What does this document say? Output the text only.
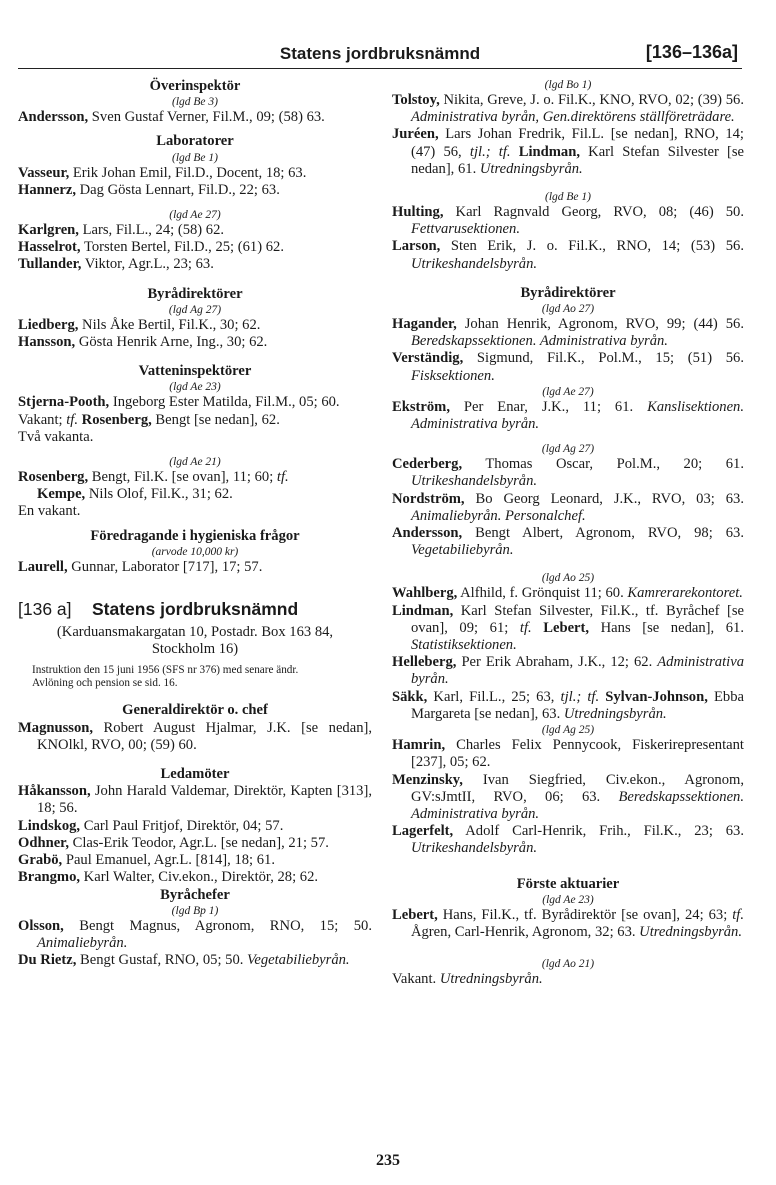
Statens jordbruksnämnd	[136–136a]

Överinspektör

(lgd Be 3)

Andersson, Sven Gustaf Verner, Fil.M., 09; (58) 63.

Laboratorer

(lgd Be 1)

Vasseur, Erik Johan Emil, Fil.D., Docent, 18; 63.

Hannerz, Dag Gösta Lennart, Fil.D., 22; 63.

(lgd Ae 27)

Karlgren, Lars, Fil.L., 24; (58) 62.

Hasselrot, Torsten Bertel, Fil.D., 25; (61) 62.

Tullander, Viktor, Agr.L., 23; 63.

Byrådirektörer

(lgd Ag 27)

Liedberg, Nils Åke Bertil, Fil.K., 30; 62.

Hansson, Gösta Henrik Arne, Ing., 30; 62.

Vatteninspektörer

(lgd Ae 23)

Stjerna-Pooth, Ingeborg Ester Matilda, Fil.M., 05; 60.

Vakant; tf. Rosenberg, Bengt [se nedan], 62.

Två vakanta.

(lgd Ae 21)

Rosenberg, Bengt, Fil.K. [se ovan], 11; 60; tf.
Kempe, Nils Olof, Fil.K., 31; 62.

En vakant.

Föredragande i hygieniska frågor

(arvode 10,000 kr)

Laurell, Gunnar, Laborator [717], 17; 57.

[136 a] Statens jordbruksnämnd

(Karduansmakargatan 10, Postadr. Box 163 84,

Stockholm 16)

Instruktion den 15 juni 1956 (SFS nr 376) med senare ändr.

Avlöning och pension se sid. 16.

Generaldirektör o. chef

Magnusson, Robert August Hjalmar, J.K. [se nedan], KNOlkl, RVO, 00; (59) 60.

Ledamöter

Håkansson, John Harald Valdemar, Direktör, Kapten [313], 18; 56.

Lindskog, Carl Paul Fritjof, Direktör, 04; 57.

Odhner, Clas-Erik Teodor, Agr.L. [se nedan], 21; 57.

Grabö, Paul Emanuel, Agr.L. [814], 18; 61.

Brangmo, Karl Walter, Civ.ekon., Direktör, 28; 62.

Byråchefer

(lgd Bp 1)

Olsson, Bengt Magnus, Agronom, RNO, 15; 50. Animaliebyrån.

Du Rietz, Bengt Gustaf, RNO, 05; 50. Vegetabiliebyrån.

(lgd Bo 1)

Tolstoy, Nikita, Greve, J. o. Fil.K., KNO, RVO, 02; (39) 56. Administrativa byrån, Gen.direktörens ställföreträdare.

Juréen, Lars Johan Fredrik, Fil.L. [se nedan], RNO, 14; (47) 56, tjl.; tf. Lindman, Karl Stefan Silvester [se nedan], 61. Utredningsbyrån.

(lgd Be 1)

Hulting, Karl Ragnvald Georg, RVO, 08; (46) 50. Fettvarusektionen.

Larson, Sten Erik, J. o. Fil.K., RNO, 14; (53) 56. Utrikeshandelsbyrån.

Byrådirektörer

(lgd Ao 27)

Hagander, Johan Henrik, Agronom, RVO, 99; (44) 56. Beredskapssektionen. Administrativa byrån.

Verständig, Sigmund, Fil.K., Pol.M., 15; (51) 56. Fisksektionen.

(lgd Ae 27)

Ekström, Per Enar, J.K., 11; 61. Kanslisektionen. Administrativa byrån.

(lgd Ag 27)

Cederberg, Thomas Oscar, Pol.M., 20; 61. Utrikeshandelsbyrån.

Nordström, Bo Georg Leonard, J.K., RVO, 03; 63. Animaliebyrån. Personalchef.

Andersson, Bengt Albert, Agronom, RVO, 98; 63. Vegetabiliebyrån.

(lgd Ao 25)

Wahlberg, Alfhild, f. Grönquist 11; 60. Kamrerarekontoret.

Lindman, Karl Stefan Silvester, Fil.K., tf. Byråchef [se ovan], 09; 61; tf. Lebert, Hans [se nedan], 61. Statistiksektionen.

Helleberg, Per Erik Abraham, J.K., 12; 62. Administrativa byrån.

Säkk, Karl, Fil.L., 25; 63, tjl.; tf. Sylvan-Johnson, Ebba Margareta [se nedan], 63. Utredningsbyrån.

(lgd Ag 25)

Hamrin, Charles Felix Pennycook, Fiskerirepresentant [237], 05; 62.

Menzinsky, Ivan Siegfried, Civ.ekon., Agronom, GV:sJmtII, RVO, 06; 63. Beredskapssektionen. Administrativa byrån.

Lagerfelt, Adolf Carl-Henrik, Frih., Fil.K., 23; 63. Utrikeshandelsbyrån.

Förste aktuarier

(lgd Ae 23)

Lebert, Hans, Fil.K., tf. Byrådirektör [se ovan], 24; 63; tf. Ågren, Carl-Henrik, Agronom, 32; 63. Utredningsbyrån.

(lgd Ao 21)

Vakant. Utredningsbyrån.

235
